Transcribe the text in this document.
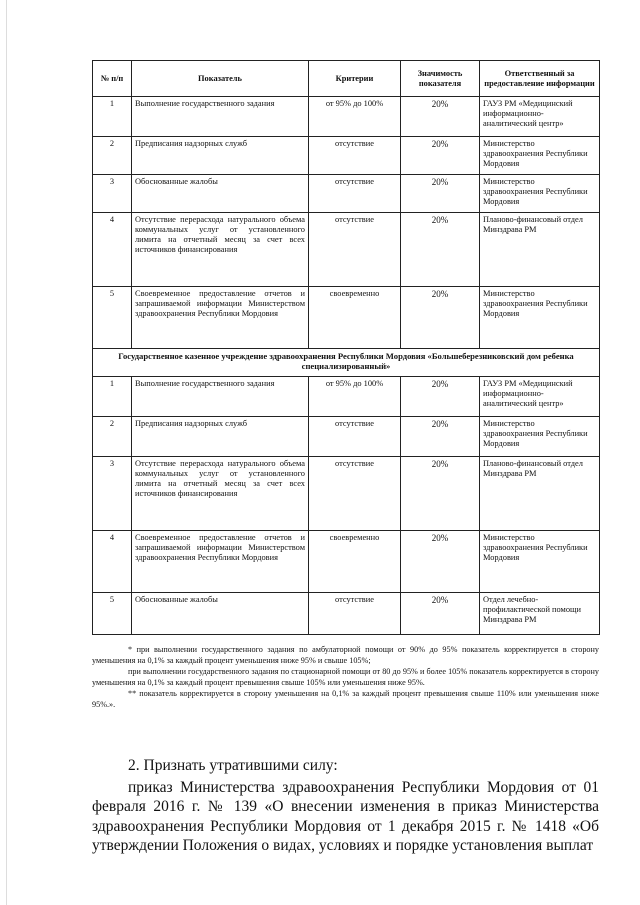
№ п/п	Показатель	Критерии	Значимость показателя	Ответственный за предоставление информации
1	Выполнение государственного задания	от 95% до 100%	20%	ГАУЗ РМ «Медицинский информационно-аналитический центр»
2	Предписания надзорных служб	отсутствие	20%	Министерство здравоохранения Республики Мордовия
3	Обоснованные жалобы	отсутствие	20%	Министерство здравоохранения Республики Мордовия
4	Отсутствие перерасхода натурального объема коммунальных услуг от установленного лимита на отчетный месяц за счет всех источников финансирования	отсутствие	20%	Планово-финансовый отдел Минздрава РМ
5	Своевременное предоставление отчетов и запрашиваемой информации Министерством здравоохранения Республики Мордовия	своевременно	20%	Министерство здравоохранения Республики Мордовия
Государственное казенное учреждение здравоохранения Республики Мордовия «Большеберезниковский дом ребенка специализированный»				
1	Выполнение государственного задания	от 95% до 100%	20%	ГАУЗ РМ «Медицинский информационно-аналитический центр»
2	Предписания надзорных служб	отсутствие	20%	Министерство здравоохранения Республики Мордовия
3	Отсутствие перерасхода натурального объема коммунальных услуг от установленного лимита на отчетный месяц за счет всех источников финансирования	отсутствие	20%	Планово-финансовый отдел Минздрава РМ
4	Своевременное предоставление отчетов и запрашиваемой информации Министерством здравоохранения Республики Мордовия	своевременно	20%	Министерство здравоохранения Республики Мордовия
5	Обоснованные жалобы	отсутствие	20%	Отдел лечебно-профилактической помощи Минздрава РМ

* при выполнении государственного задания по амбулаторной помощи от 90% до 95% показатель корректируется в сторону уменьшения на 0,1% за каждый процент уменьшения ниже 95% и свыше 105%;

при выполнении государственного задания по стационарной помощи от 80 до 95% и более 105% показатель корректируется в сторону уменьшения на 0,1% за каждый процент превышения свыше 105% или уменьшения ниже 95%.

** показатель корректируется в сторону уменьшения на 0,1% за каждый процент превышения свыше 110% или уменьшения ниже 95%.».

2. Признать утратившими силу:

приказ Министерства здравоохранения Республики Мордовия от 01 февраля 2016 г. № 139 «О внесении изменения в приказ Министерства здравоохранения Республики Мордовия от 1 декабря 2015 г. № 1418 «Об утверждении Положения о видах, условиях и порядке установления выплат
